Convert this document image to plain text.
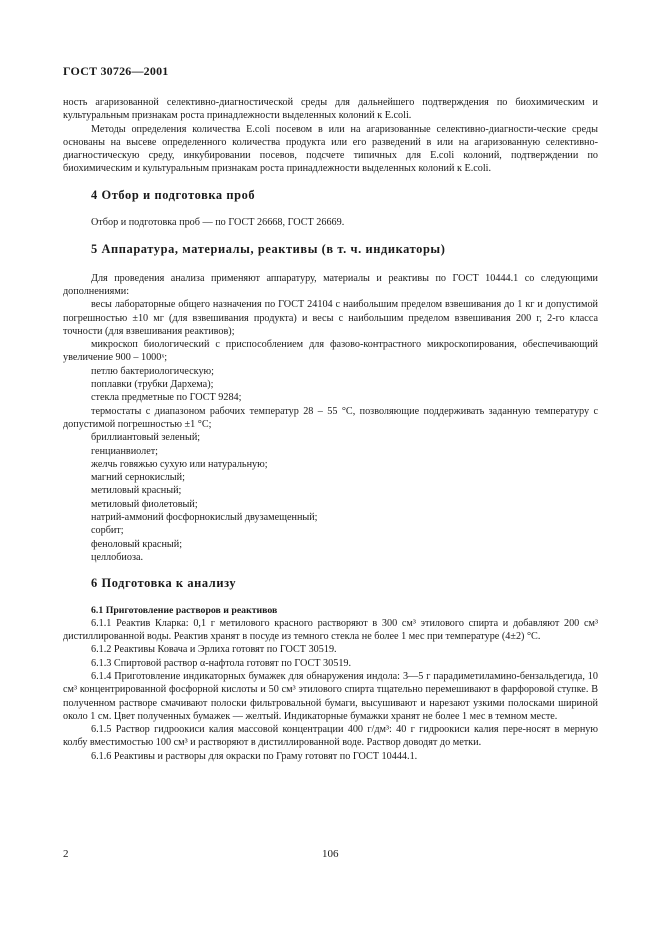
ГОСТ 30726—2001

ность агаризованной селективно-диагностической среды для дальнейшего подтверждения по биохимическим и культуральным признакам роста принадлежности выделенных колоний к E.coli.

Методы определения количества E.coli посевом в или на агаризованные селективно-диагности-ческие среды основаны на высеве определенного количества продукта или его разведений в или на агаризованную селективно-диагностическую среду, инкубировании посевов, подсчете типичных для E.coli колоний, подтверждении по биохимическим и культуральным признакам роста принадлежности выделенных колоний к E.coli.

4 Отбор и подготовка проб

Отбор и подготовка проб — по ГОСТ 26668, ГОСТ 26669.

5 Аппаратура, материалы, реактивы (в т. ч. индикаторы)

Для проведения анализа применяют аппаратуру, материалы и реактивы по ГОСТ 10444.1 со следующими дополнениями:

весы лабораторные общего назначения по ГОСТ 24104 с наибольшим пределом взвешивания до 1 кг и допустимой погрешностью ±10 мг (для взвешивания продукта) и весы с наибольшим пределом взвешивания 200 г, 2-го класса точности (для взвешивания реактивов);

микроскоп биологический с приспособлением для фазово-контрастного микроскопирования, обеспечивающий увеличение 900 – 1000ˣ;

петлю бактериологическую;

поплавки (трубки Дархема);

стекла предметные по ГОСТ 9284;

термостаты с диапазоном рабочих температур 28 – 55 °С, позволяющие поддерживать заданную температуру с допустимой погрешностью ±1 °С;

бриллиантовый зеленый;

генцианвиолет;

желчь говяжью сухую или натуральную;

магний сернокислый;

метиловый красный;

метиловый фиолетовый;

натрий-аммоний фосфорнокислый двузамещенный;

сорбит;

феноловый красный;

целлобиоза.

6 Подготовка к анализу

6.1 Приготовление растворов и реактивов

6.1.1 Реактив Кларка: 0,1 г метилового красного растворяют в 300 см³ этилового спирта и добавляют 200 см³ дистиллированной воды. Реактив хранят в посуде из темного стекла не более 1 мес при температуре (4±2) °С.

6.1.2 Реактивы Ковача и Эрлиха готовят по ГОСТ 30519.

6.1.3 Спиртовой раствор α-нафтола готовят по ГОСТ 30519.

6.1.4 Приготовление индикаторных бумажек для обнаружения индола: 3—5 г парадиметиламино-бензальдегида, 10 см³ концентрированной фосфорной кислоты и 50 см³ этилового спирта тщательно перемешивают в фарфоровой ступке. В полученном растворе смачивают полоски фильтровальной бумаги, высушивают и нарезают узкими полосками шириной около 1 см. Цвет полученных бумажек — желтый. Индикаторные бумажки хранят не более 1 мес в темном месте.

6.1.5 Раствор гидроокиси калия массовой концентрации 400 г/дм³: 40 г гидроокиси калия пере-носят в мерную колбу вместимостью 100 см³ и растворяют в дистиллированной воде. Раствор доводят до метки.

6.1.6 Реактивы и растворы для окраски по Граму готовят по ГОСТ 10444.1.

2	106
